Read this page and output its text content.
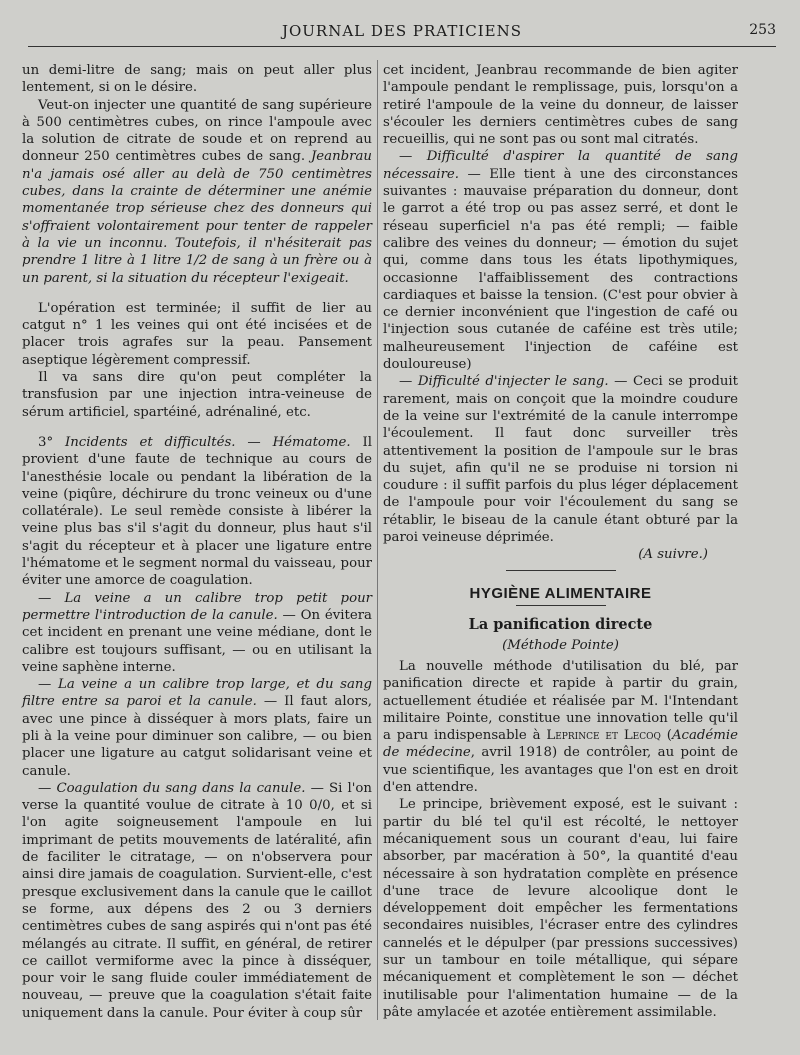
JOURNAL DES PRATICIENS	253

un demi-litre de sang; mais on peut aller plus lentement, si on le désire.

Veut-on injecter une quantité de sang supérieure à 500 centimètres cubes, on rince l'ampoule avec la solution de citrate de soude et on reprend au donneur 250 centimètres cubes de sang. Jeanbrau n'a jamais osé aller au delà de 750 centimètres cubes, dans la crainte de déterminer une anémie momentanée trop sérieuse chez des donneurs qui s'offraient volontairement pour tenter de rappeler à la vie un inconnu. Toutefois, il n'hésiterait pas prendre 1 litre à 1 litre 1/2 de sang à un frère ou à un parent, si la situation du récepteur l'exigeait.

L'opération est terminée; il suffit de lier au catgut n° 1 les veines qui ont été incisées et de placer trois agrafes sur la peau. Pansement aseptique légèrement compressif.

Il va sans dire qu'on peut compléter la transfusion par une injection intra-veineuse de sérum artificiel, spartéiné, adrénaliné, etc.

3° Incidents et difficultés. — Hématome. Il provient d'une faute de technique au cours de l'anesthésie locale ou pendant la libération de la veine (piqûre, déchirure du tronc veineux ou d'une collatérale). Le seul remède consiste à libérer la veine plus bas s'il s'agit du donneur, plus haut s'il s'agit du récepteur et à placer une ligature entre l'hématome et le segment normal du vaisseau, pour éviter une amorce de coagulation.

— La veine a un calibre trop petit pour permettre l'introduction de la canule. — On évitera cet incident en prenant une veine médiane, dont le calibre est toujours suffisant, — ou en utilisant la veine saphène interne.

— La veine a un calibre trop large, et du sang filtre entre sa paroi et la canule. — Il faut alors, avec une pince à disséquer à mors plats, faire un pli à la veine pour diminuer son calibre, — ou bien placer une ligature au catgut solidarisant veine et canule.

— Coagulation du sang dans la canule. — Si l'on verse la quantité voulue de citrate à 10 0/0, et si l'on agite soigneusement l'ampoule en lui imprimant de petits mouvements de latéralité, afin de faciliter le citratage, — on n'observera pour ainsi dire jamais de coagulation. Survient-elle, c'est presque exclusivement dans la canule que le caillot se forme, aux dépens des 2 ou 3 derniers centimètres cubes de sang aspirés qui n'ont pas été mélangés au citrate. Il suffit, en général, de retirer ce caillot vermiforme avec la pince à disséquer, pour voir le sang fluide couler immédiatement de nouveau, — preuve que la coagulation s'était faite uniquement dans la canule. Pour éviter à coup sûr

cet incident, Jeanbrau recommande de bien agiter l'ampoule pendant le remplissage, puis, lorsqu'on a retiré l'ampoule de la veine du donneur, de laisser s'écouler les derniers centimètres cubes de sang recueillis, qui ne sont pas ou sont mal citratés.

— Difficulté d'aspirer la quantité de sang nécessaire. — Elle tient à une des circonstances suivantes : mauvaise préparation du donneur, dont le garrot a été trop ou pas assez serré, et dont le réseau superficiel n'a pas été rempli; — faible calibre des veines du donneur; — émotion du sujet qui, comme dans tous les états lipothymiques, occasionne l'affaiblissement des contractions cardiaques et baisse la tension. (C'est pour obvier à ce dernier inconvénient que l'ingestion de café ou l'injection sous cutanée de caféine est très utile; malheureusement l'injection de caféine est douloureuse)

— Difficulté d'injecter le sang. — Ceci se produit rarement, mais on conçoit que la moindre coudure de la veine sur l'extrémité de la canule interrompe l'écoulement. Il faut donc surveiller très attentivement la position de l'ampoule sur le bras du sujet, afin qu'il ne se produise ni torsion ni coudure : il suffit parfois du plus léger déplacement de l'ampoule pour voir l'écoulement du sang se rétablir, le biseau de la canule étant obturé par la paroi veineuse déprimée.

(A suivre.)

HYGIÈNE ALIMENTAIRE
La panification directe

(Méthode Pointe)

La nouvelle méthode d'utilisation du blé, par panification directe et rapide à partir du grain, actuellement étudiée et réalisée par M. l'Intendant militaire Pointe, constitue une innovation telle qu'il a paru indispensable à Leprince et Lecoq (Académie de médecine, avril 1918) de contrôler, au point de vue scientifique, les avantages que l'on est en droit d'en attendre.

Le principe, brièvement exposé, est le suivant : partir du blé tel qu'il est récolté, le nettoyer mécaniquement sous un courant d'eau, lui faire absorber, par macération à 50°, la quantité d'eau nécessaire à son hydratation complète en présence d'une trace de levure alcoolique dont le développement doit empêcher les fermentations secondaires nuisibles, l'écraser entre des cylindres cannelés et le dépulper (par pressions successives) sur un tambour en toile métallique, qui sépare mécaniquement et complètement le son — déchet inutilisable pour l'alimentation humaine — de la pâte amylacée et azotée entièrement assimilable.
